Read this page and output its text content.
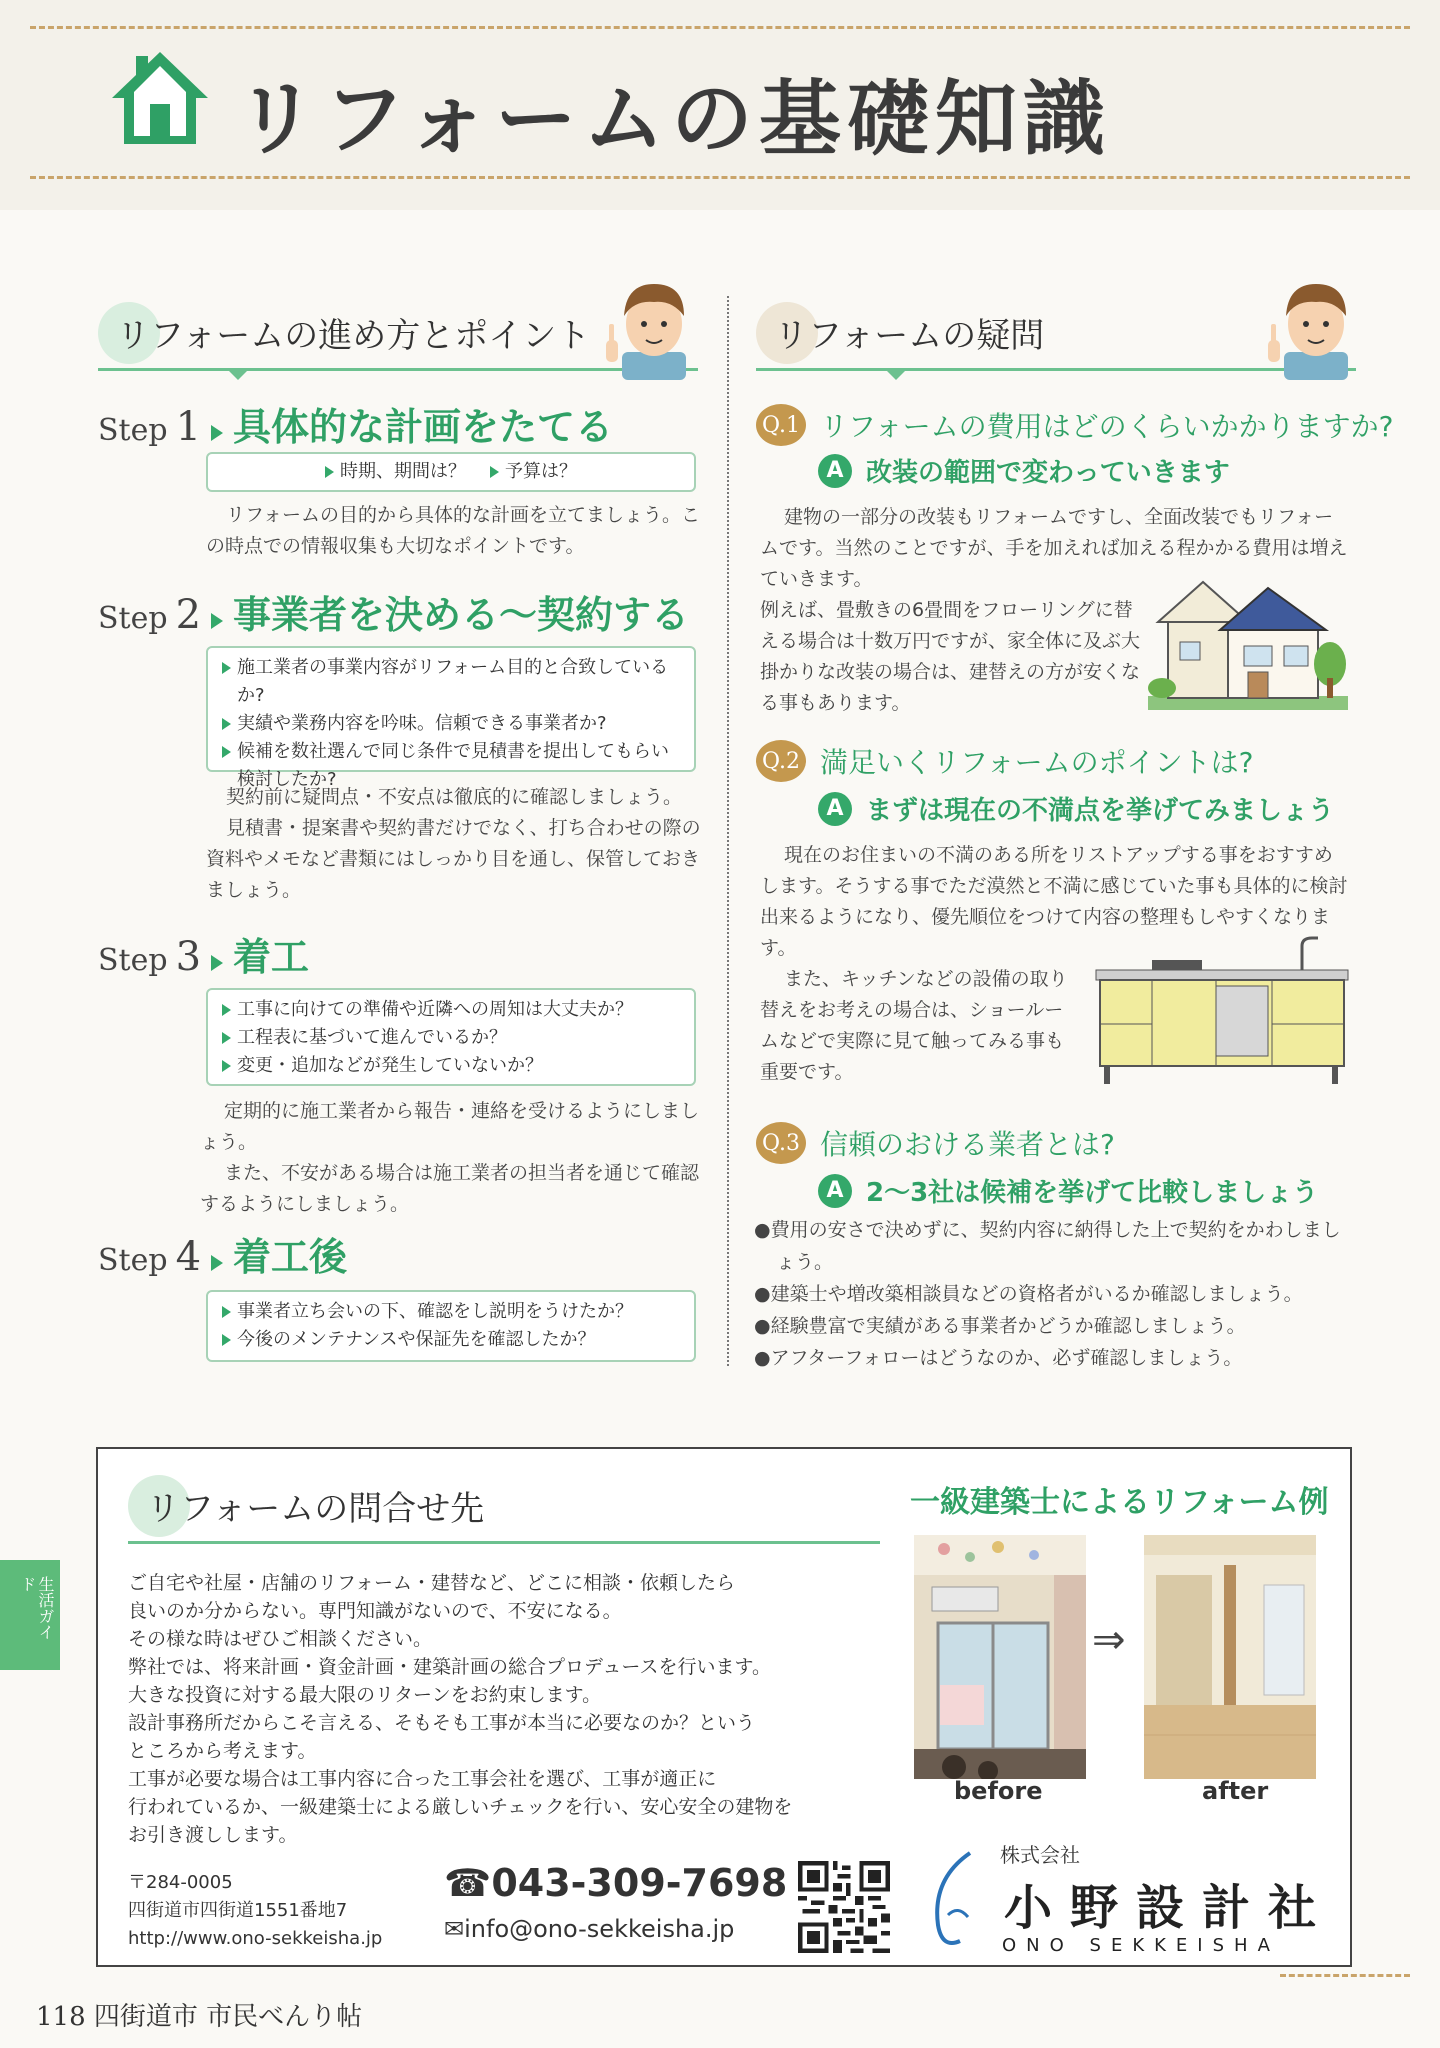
リフォームの基礎知識
リフォームの進め方とポイント
Step 1 具体的な計画をたてる
時期、期間は？ 予算は？
リフォームの目的から具体的な計画を立てましょう。この時点での情報収集も大切なポイントです。
Step 2 事業者を決める〜契約する
施工業者の事業内容がリフォーム目的と合致しているか?
実績や業務内容を吟味。信頼できる事業者か?
候補を数社選んで同じ条件で見積書を提出してもらい検討したか?
契約前に疑問点・不安点は徹底的に確認しましょう。
見積書・提案書や契約書だけでなく、打ち合わせの際の資料やメモなど書類にはしっかり目を通し、保管しておきましょう。
Step 3 着工
工事に向けての準備や近隣への周知は大丈夫か？
工程表に基づいて進んでいるか？
変更・追加などが発生していないか？
定期的に施工業者から報告・連絡を受けるようにしましょう。
また、不安がある場合は施工業者の担当者を通じて確認するようにしましょう。
Step 4 着工後
事業者立ち会いの下、確認をし説明をうけたか？
今後のメンテナンスや保証先を確認したか？
リフォームの疑問
Q.1 リフォームの費用はどのくらいかかりますか?
A 改装の範囲で変わっていきます
建物の一部分の改装もリフォームですし、全面改装でもリフォームです。当然のことですが、手を加えれば加える程かかる費用は増えていきます。
例えば、畳敷きの6畳間をフローリングに替える場合は十数万円ですが、家全体に及ぶ大掛かりな改装の場合は、建替えの方が安くなる事もあります。
Q.2 満足いくリフォームのポイントは?
A まずは現在の不満点を挙げてみましょう
現在のお住まいの不満のある所をリストアップする事をおすすめします。そうする事でただ漠然と不満に感じていた事も具体的に検討出来るようになり、優先順位をつけて内容の整理もしやすくなります。
また、キッチンなどの設備の取り替えをお考えの場合は、ショールームなどで実際に見て触ってみる事も重要です。
Q.3 信頼のおける業者とは?
A 2〜3社は候補を挙げて比較しましょう
●費用の安さで決めずに、契約内容に納得した上で契約をかわしましょう。
●建築士や増改築相談員などの資格者がいるか確認しましょう。
●経験豊富で実績がある事業者かどうか確認しましょう。
●アフターフォローはどうなのか、必ず確認しましょう。
リフォームの問合せ先
ご自宅や社屋・店舗のリフォーム・建替など、どこに相談・依頼したら
良いのか分からない。専門知識がないので、不安になる。
その様な時はぜひご相談ください。
弊社では、将来計画・資金計画・建築計画の総合プロデュースを行います。
大きな投資に対する最大限のリターンをお約束します。
設計事務所だからこそ言える、そもそも工事が本当に必要なのか？という
ところから考えます。
工事が必要な場合は工事内容に合った工事会社を選び、工事が適正に
行われているか、一級建築士による厳しいチェックを行い、安心安全の建物を
お引き渡しします。
〒284-0005
四街道市四街道1551番地7
http://www.ono-sekkeisha.jp
☎043-309-7698
✉info@ono-sekkeisha.jp
一級建築士によるリフォーム例
⇒
before	after
株式会社
小野設計社
ONO SEKKEISHA
生活ガイド
118 四街道市 市民べんり帖
